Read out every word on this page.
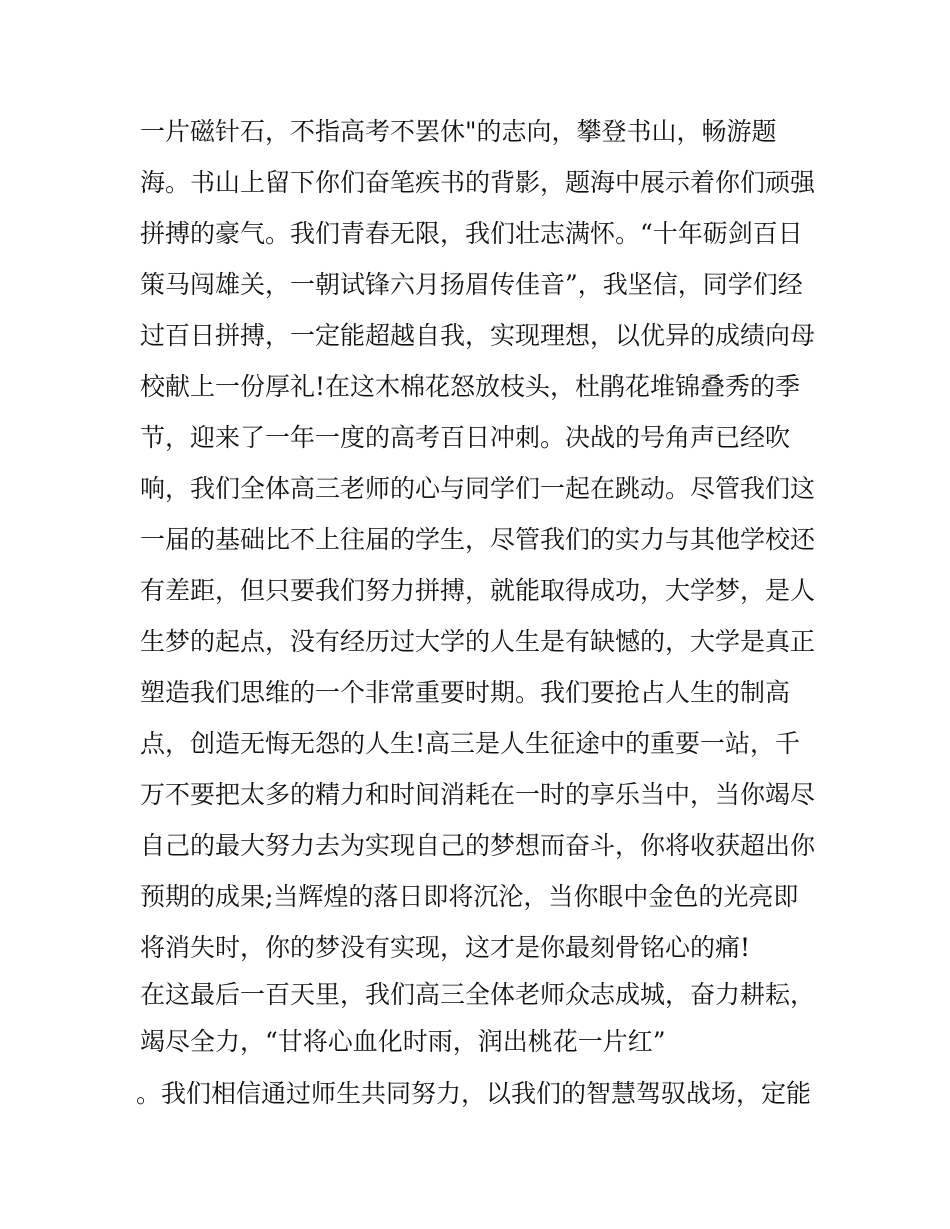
一片磁针石，不指高考不罢休"的志向，攀登书山，畅游题
海。书山上留下你们奋笔疾书的背影，题海中展示着你们顽强
拼搏的豪气。我们青春无限，我们壮志满怀。“十年砺剑百日
策马闯雄关，一朝试锋六月扬眉传佳音”，我坚信，同学们经
过百日拼搏，一定能超越自我，实现理想，以优异的成绩向母
校献上一份厚礼!在这木棉花怒放枝头，杜鹃花堆锦叠秀的季
节，迎来了一年一度的高考百日冲刺。决战的号角声已经吹
响，我们全体高三老师的心与同学们一起在跳动。尽管我们这
一届的基础比不上往届的学生，尽管我们的实力与其他学校还
有差距，但只要我们努力拼搏，就能取得成功，大学梦，是人
生梦的起点，没有经历过大学的人生是有缺憾的，大学是真正
塑造我们思维的一个非常重要时期。我们要抢占人生的制高
点，创造无悔无怨的人生!高三是人生征途中的重要一站，千
万不要把太多的精力和时间消耗在一时的享乐当中，当你竭尽
自己的最大努力去为实现自己的梦想而奋斗，你将收获超出你
预期的成果;当辉煌的落日即将沉沦，当你眼中金色的光亮即
将消失时，你的梦没有实现，这才是你最刻骨铭心的痛!
在这最后一百天里，我们高三全体老师众志成城，奋力耕耘，
竭尽全力，“甘将心血化时雨，润出桃花一片红”
。我们相信通过师生共同努力，以我们的智慧驾驭战场，定能
